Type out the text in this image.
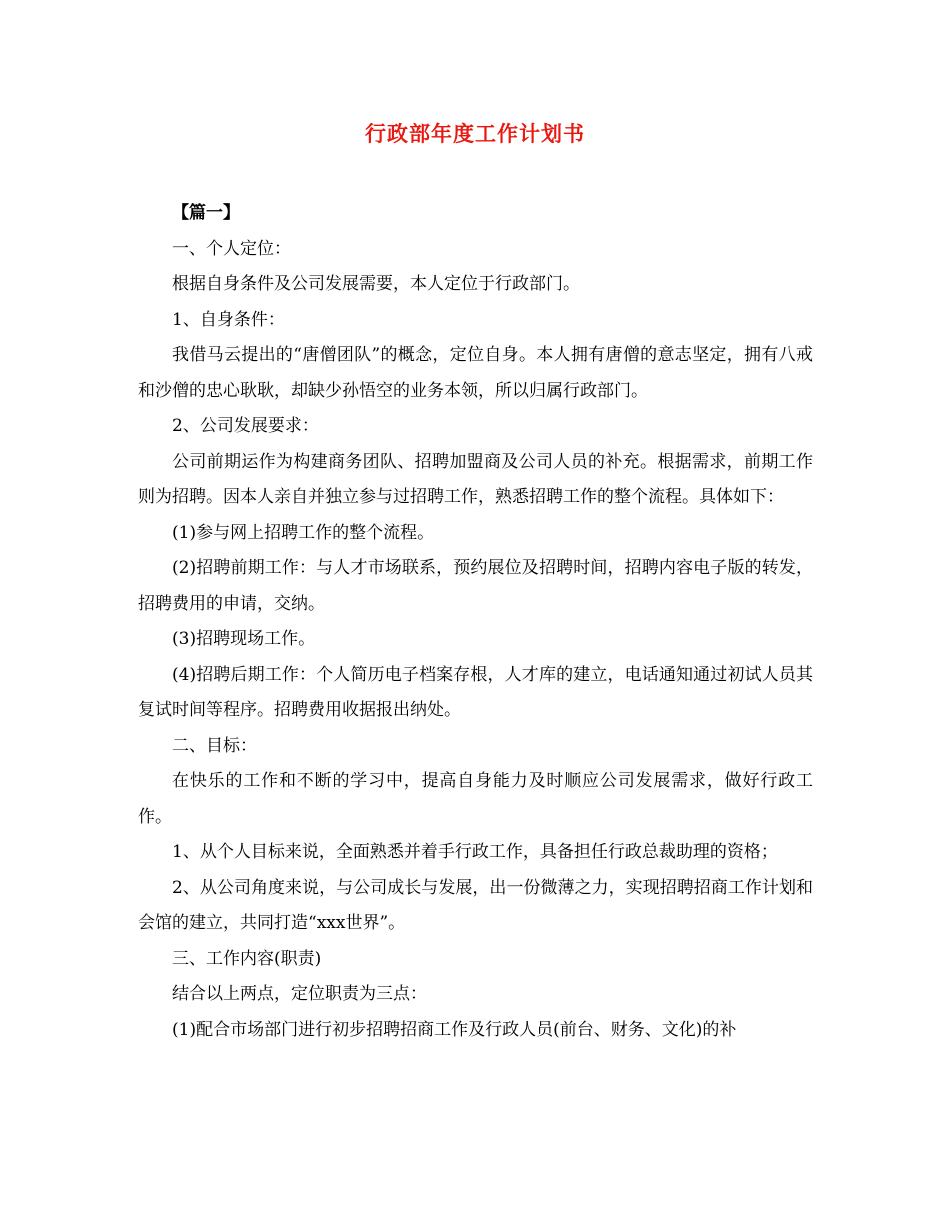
行政部年度工作计划书

【篇一】

一、个人定位：

根据自身条件及公司发展需要，本人定位于行政部门。

1、自身条件：

我借马云提出的“唐僧团队”的概念，定位自身。本人拥有唐僧的意志坚定，拥有八戒和沙僧的忠心耿耿，却缺少孙悟空的业务本领，所以归属行政部门。

2、公司发展要求：

公司前期运作为构建商务团队、招聘加盟商及公司人员的补充。根据需求，前期工作则为招聘。因本人亲自并独立参与过招聘工作，熟悉招聘工作的整个流程。具体如下：

(1)参与网上招聘工作的整个流程。

(2)招聘前期工作：与人才市场联系，预约展位及招聘时间，招聘内容电子版的转发，招聘费用的申请，交纳。

(3)招聘现场工作。

(4)招聘后期工作：个人简历电子档案存根，人才库的建立，电话通知通过初试人员其复试时间等程序。招聘费用收据报出纳处。

二、目标：

在快乐的工作和不断的学习中，提高自身能力及时顺应公司发展需求，做好行政工作。

1、从个人目标来说，全面熟悉并着手行政工作，具备担任行政总裁助理的资格；

2、从公司角度来说，与公司成长与发展，出一份微薄之力，实现招聘招商工作计划和会馆的建立，共同打造“xxx世界”。

三、工作内容(职责)

结合以上两点，定位职责为三点：

(1)配合市场部门进行初步招聘招商工作及行政人员(前台、财务、文化)的补
